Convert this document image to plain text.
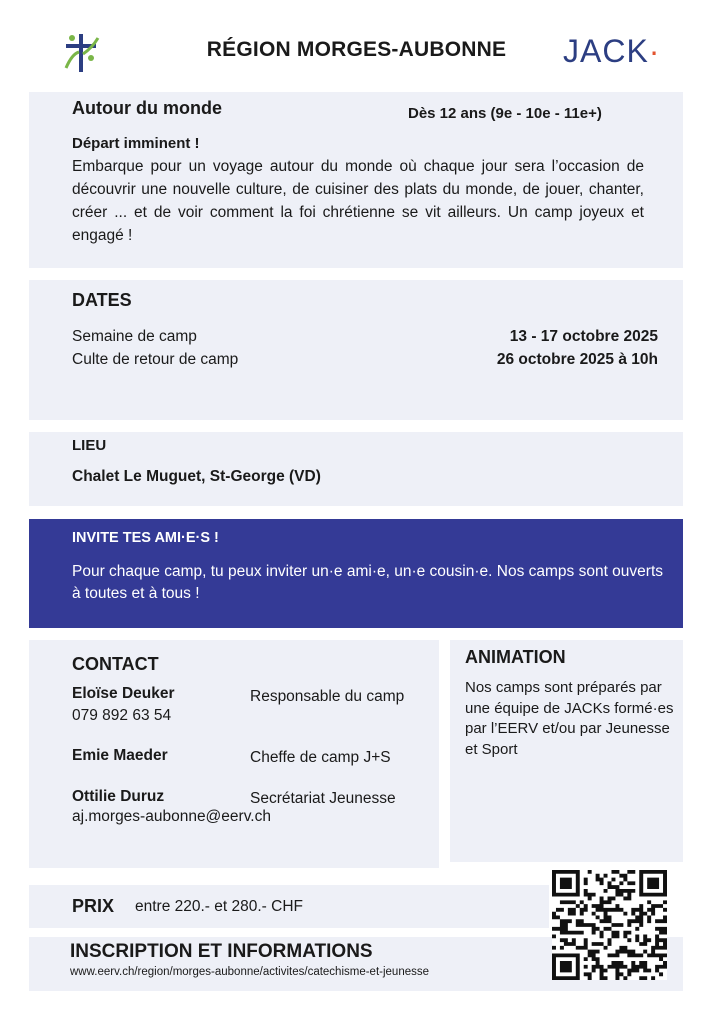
RÉGION MORGES-AUBONNE	JACK·
Autour du monde	Dès 12 ans (9e - 10e - 11e+)
Départ imminent !
Embarque pour un voyage autour du monde où chaque jour sera l’occasion de découvrir une nouvelle culture, de cuisiner des plats du monde, de jouer, chanter, créer ... et de voir comment la foi chrétienne se vit ailleurs. Un camp joyeux et engagé !
DATES
Semaine de camp	13 - 17 octobre 2025
Culte de retour de camp	26 octobre 2025 à 10h
LIEU
Chalet Le Muguet, St-George (VD)
INVITE TES AMI·E·S !
Pour chaque camp, tu peux inviter un·e ami·e, un·e cousin·e. Nos camps sont ouverts à toutes et à tous !
CONTACT
Eloïse Deuker	Responsable du camp
079 892 63 54
Emie Maeder	Cheffe de camp J+S
Ottilie Duruz	Secrétariat Jeunesse
aj.morges-aubonne@eerv.ch
ANIMATION
Nos camps sont préparés par une équipe de JACKs formé·es par l’EERV et/ou par Jeunesse et Sport
PRIX entre 220.- et 280.- CHF
INSCRIPTION ET INFORMATIONS
www.eerv.ch/region/morges-aubonne/activites/catechisme-et-jeunesse
